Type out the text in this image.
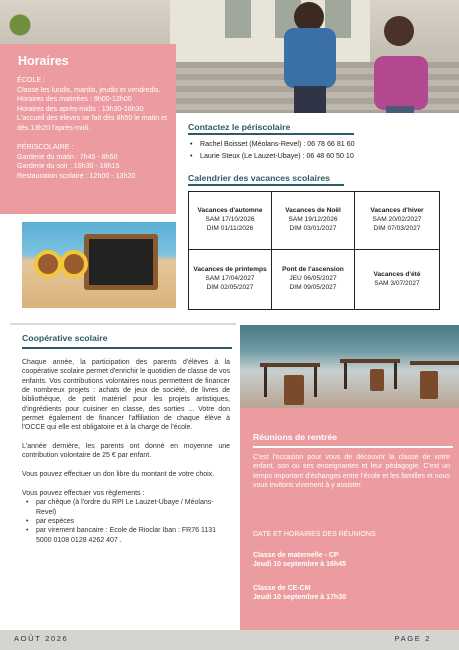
Horaires

ÉCOLE :

Classe les lundis, mardis, jeudis et vendredis.

Horaires des matinées : 9h00-12h00

Horaires des après-midis : 13h30-16h30

L'accueil des élèves se fait dès 8h50 le matin et dès 13h20 l'après-midi.

PÉRISCOLAIRE :

Garderie du matin : 7h45 - 8h50

Garderie du soir : 16h30 - 18h15

Restauration scolaire : 12h00 - 13h20

Contactez le périscolaire
• Rachel Boisset (Méolans-Revel) : 06 78 66 81 60
• Laurie Steux (Le Lauzet-Ubaye) : 06 48 60 50 10
Calendrier des vacances scolaires
Vacances d'automne
SAM 17/10/2026
DIM 01/11/2026
Vacances de Noël
SAM 19/12/2026
DIM 03/01/2027
Vacances d'hiver
SAM 20/02/2027
DIM 07/03/2027
Vacances de printemps
SAM 17/04/2027
DIM 02/05/2027
Pont de l'ascension
JEU 06/05/2027
DIM 09/05/2027
Vacances d'été
SAM 3/07/2027
Coopérative scolaire

Chaque année, la participation des parents d'élèves à la coopérative scolaire permet d'enrichir le quotidien de classe de vos enfants. Vos contributions volontaires nous permettent de financer de nombreux projets : achats de jeux de société, de livres de bibliothèque, de petit matériel pour les projets artistiques, d'ingrédients pour cuisiner en classe, des sorties ... Votre don permet également de financer l'affiliation de chaque élève à l'OCCE qui elle est obligatoire et à la charge de l'école.

L'année dernière, les parents ont donné en moyenne une contribution volontaire de 25 € par enfant.

Vous pouvez effectuer un don libre du montant de votre choix.

Vous pouvez effectuer vos règlements :

• par chèque (à l'ordre du RPI Le Lauzet-Ubaye / Méolans-Revel)
• par espèces
• par virement bancaire : Ecole de Rioclar Iban : FR76 1131 5000 0108 0128 4262 407 .
Réunions de rentrée
C'est l'occasion pour vous de découvrir la classe de votre enfant, son ou ses enseignantes et leur pédagogie. C'est un temps important d'échanges entre l'école et les familles et nous vous invitons vivement à y assister.
DATE ET HORAIRES DES RÉUNIONS
Classe de maternelle - CP
Jeudi 10 septembre à 16h45
Classe de CE-CM
Jeudi 10 septembre à 17h30
AOÛT 2026	PAGE 2
